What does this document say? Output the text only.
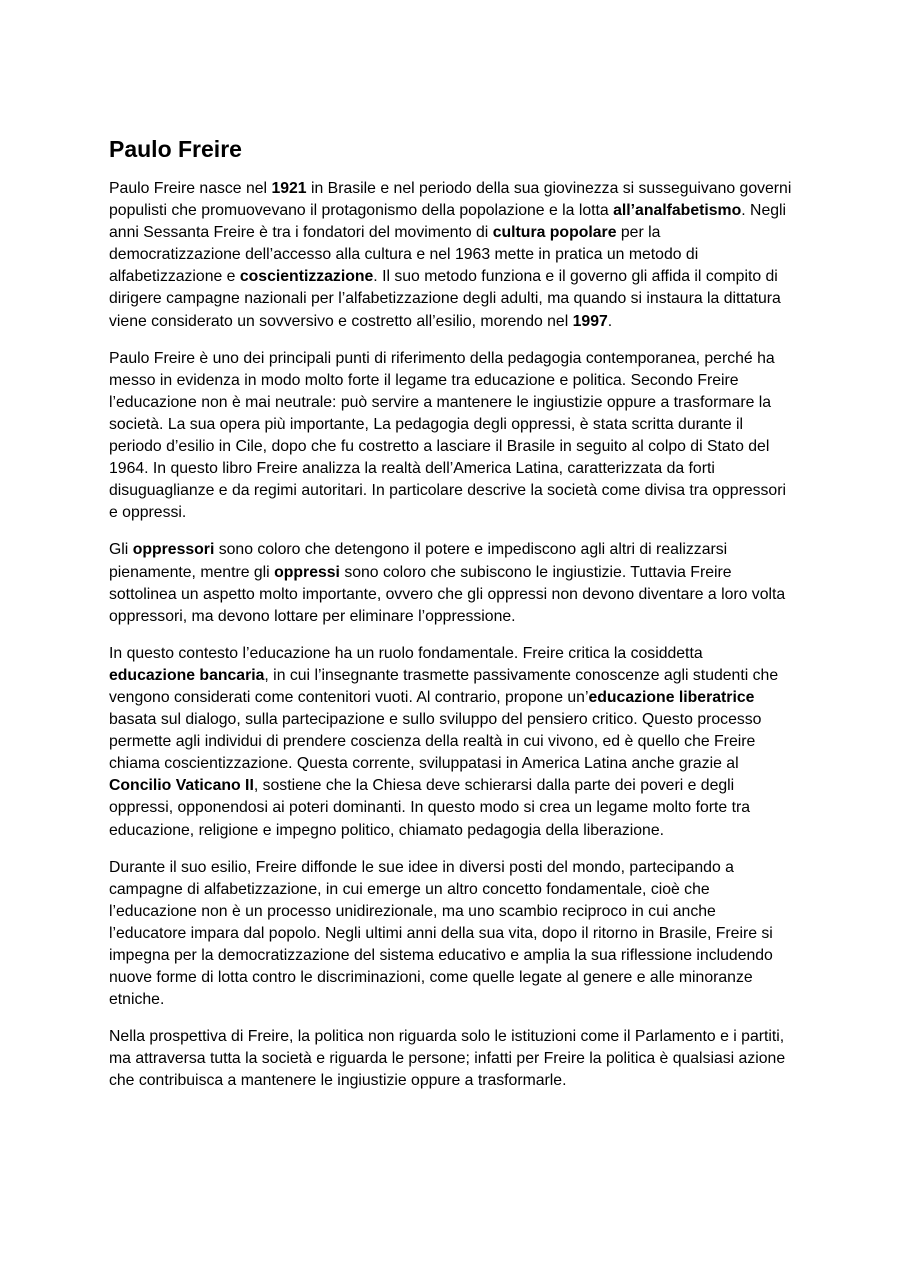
Paulo Freire

Paulo Freire nasce nel 1921 in Brasile e nel periodo della sua giovinezza si susseguivano governi populisti che promuovevano il protagonismo della popolazione e la lotta all’analfabetismo. Negli anni Sessanta Freire è tra i fondatori del movimento di cultura popolare per la democratizzazione dell’accesso alla cultura e nel 1963 mette in pratica un metodo di alfabetizzazione e coscientizzazione. Il suo metodo funziona e il governo gli affida il compito di dirigere campagne nazionali per l’alfabetizzazione degli adulti, ma quando si instaura la dittatura viene considerato un sovversivo e costretto all’esilio, morendo nel 1997.

Paulo Freire è uno dei principali punti di riferimento della pedagogia contemporanea, perché ha messo in evidenza in modo molto forte il legame tra educazione e politica. Secondo Freire l’educazione non è mai neutrale: può servire a mantenere le ingiustizie oppure a trasformare la società. La sua opera più importante, La pedagogia degli oppressi, è stata scritta durante il periodo d’esilio in Cile, dopo che fu costretto a lasciare il Brasile in seguito al colpo di Stato del 1964. In questo libro Freire analizza la realtà dell’America Latina, caratterizzata da forti disuguaglianze e da regimi autoritari. In particolare descrive la società come divisa tra oppressori e oppressi.

Gli oppressori sono coloro che detengono il potere e impediscono agli altri di realizzarsi pienamente, mentre gli oppressi sono coloro che subiscono le ingiustizie. Tuttavia Freire sottolinea un aspetto molto importante, ovvero che gli oppressi non devono diventare a loro volta oppressori, ma devono lottare per eliminare l’oppressione.

In questo contesto l’educazione ha un ruolo fondamentale. Freire critica la cosiddetta educazione bancaria, in cui l’insegnante trasmette passivamente conoscenze agli studenti che vengono considerati come contenitori vuoti. Al contrario, propone un’educazione liberatrice basata sul dialogo, sulla partecipazione e sullo sviluppo del pensiero critico. Questo processo permette agli individui di prendere coscienza della realtà in cui vivono, ed è quello che Freire chiama coscientizzazione. Questa corrente, sviluppatasi in America Latina anche grazie al Concilio Vaticano II, sostiene che la Chiesa deve schierarsi dalla parte dei poveri e degli oppressi, opponendosi ai poteri dominanti. In questo modo si crea un legame molto forte tra educazione, religione e impegno politico, chiamato pedagogia della liberazione.

Durante il suo esilio, Freire diffonde le sue idee in diversi posti del mondo, partecipando a campagne di alfabetizzazione, in cui emerge un altro concetto fondamentale, cioè che l’educazione non è un processo unidirezionale, ma uno scambio reciproco in cui anche l’educatore impara dal popolo. Negli ultimi anni della sua vita, dopo il ritorno in Brasile, Freire si impegna per la democratizzazione del sistema educativo e amplia la sua riflessione includendo nuove forme di lotta contro le discriminazioni, come quelle legate al genere e alle minoranze etniche.

Nella prospettiva di Freire, la politica non riguarda solo le istituzioni come il Parlamento e i partiti, ma attraversa tutta la società e riguarda le persone; infatti per Freire la politica è qualsiasi azione che contribuisca a mantenere le ingiustizie oppure a trasformarle.
